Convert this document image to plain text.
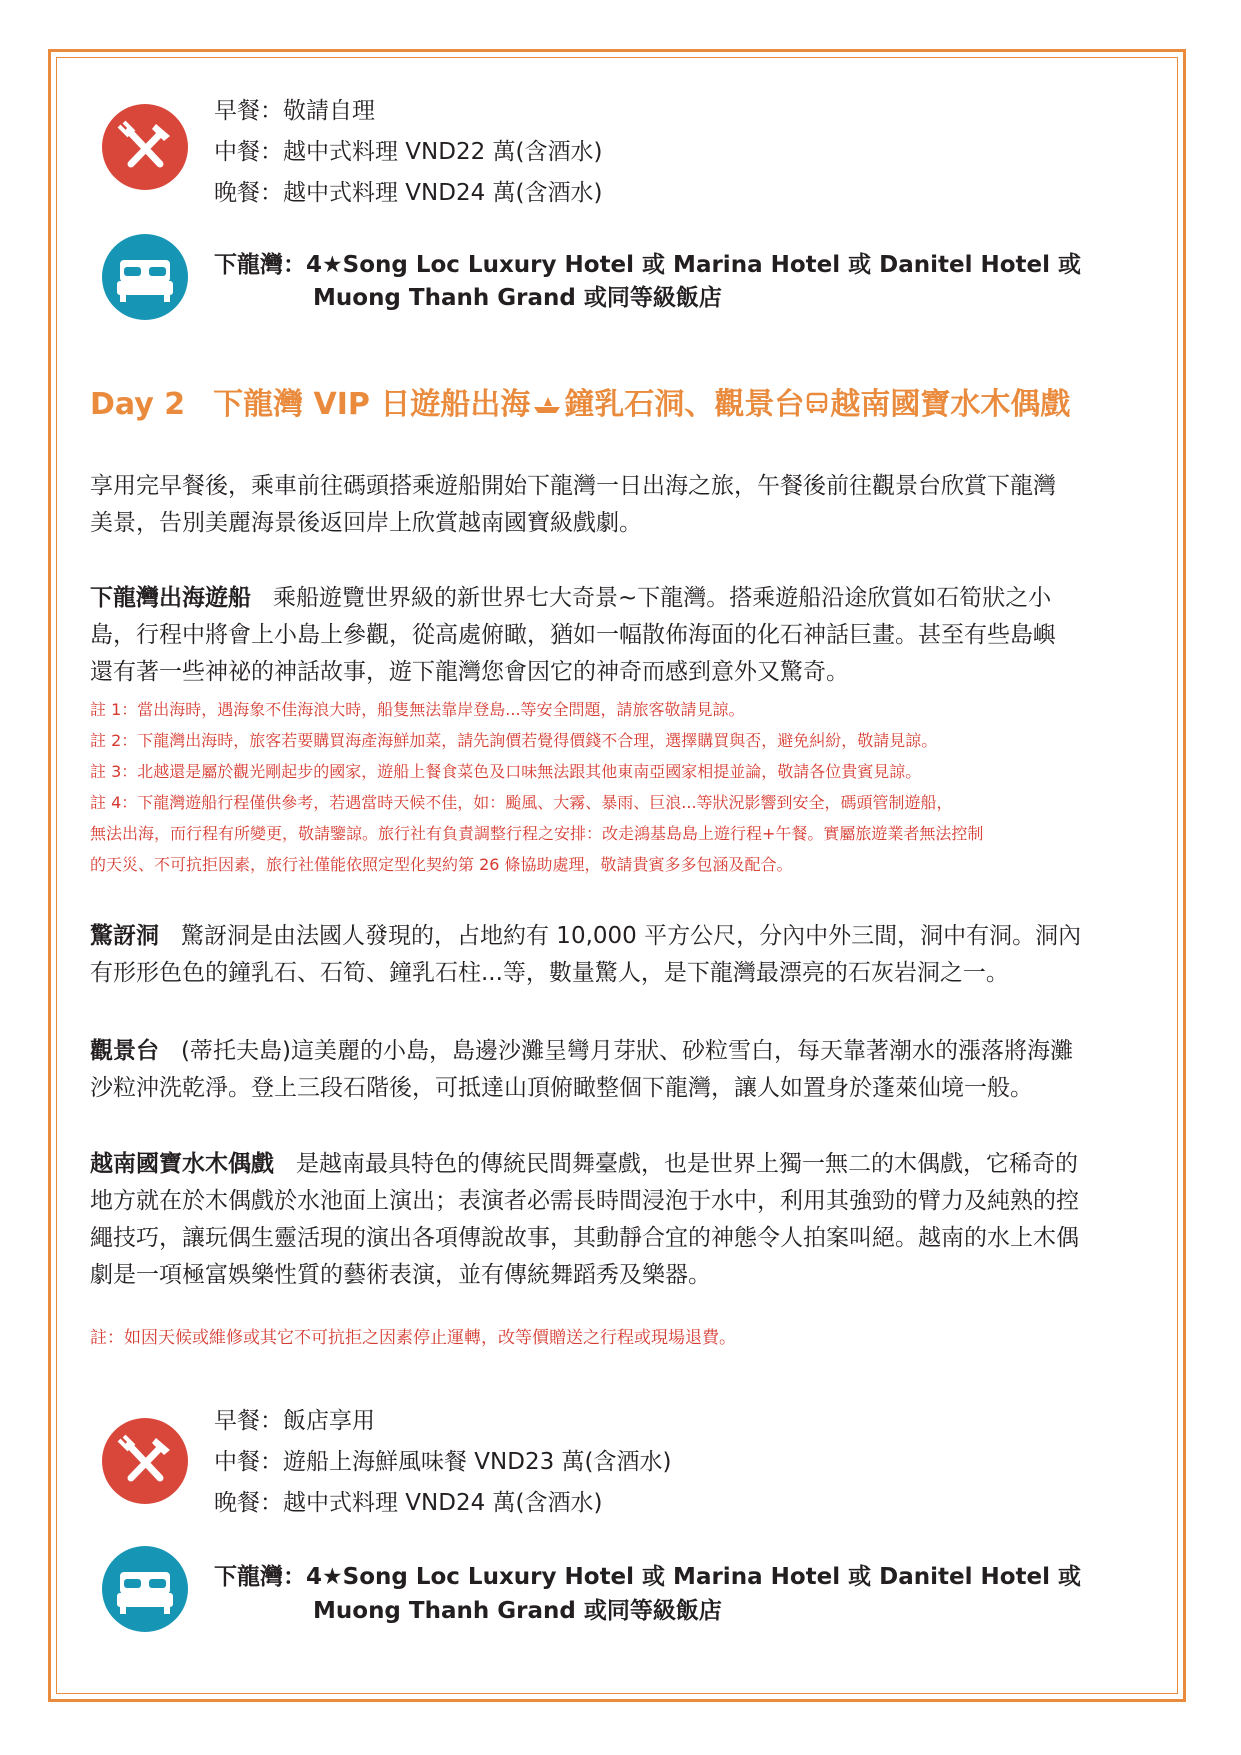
早餐：敬請自理
中餐：越中式料理 VND22 萬(含酒水)
晚餐：越中式料理 VND24 萬(含酒水)
下龍灣：4★Song Loc Luxury Hotel 或 Marina Hotel 或 Danitel Hotel 或
Muong Thanh Grand 或同等級飯店
Day 2 下龍灣 VIP 日遊船出海 鐘乳石洞、觀景台 越南國寶水木偶戲
享用完早餐後，乘車前往碼頭搭乘遊船開始下龍灣一日出海之旅，午餐後前往觀景台欣賞下龍灣
美景，告別美麗海景後返回岸上欣賞越南國寶級戲劇。
下龍灣出海遊船 乘船遊覽世界級的新世界七大奇景~下龍灣。搭乘遊船沿途欣賞如石筍狀之小
島，行程中將會上小島上參觀，從高處俯瞰，猶如一幅散佈海面的化石神話巨畫。甚至有些島嶼
還有著一些神祕的神話故事，遊下龍灣您會因它的神奇而感到意外又驚奇。
註 1：當出海時，遇海象不佳海浪大時，船隻無法靠岸登島...等安全問題，請旅客敬請見諒。
註 2：下龍灣出海時，旅客若要購買海產海鮮加菜，請先詢價若覺得價錢不合理，選擇購買與否，避免糾紛，敬請見諒。
註 3：北越還是屬於觀光剛起步的國家，遊船上餐食菜色及口味無法跟其他東南亞國家相提並論，敬請各位貴賓見諒。
註 4：下龍灣遊船行程僅供參考，若遇當時天候不佳，如：颱風、大霧、暴雨、巨浪...等狀況影響到安全，碼頭管制遊船，
無法出海，而行程有所變更，敬請鑒諒。旅行社有負責調整行程之安排：改走鴻基島島上遊行程+午餐。實屬旅遊業者無法控制
的天災、不可抗拒因素，旅行社僅能依照定型化契約第 26 條協助處理，敬請貴賓多多包涵及配合。
驚訝洞 驚訝洞是由法國人發現的，占地約有 10,000 平方公尺，分內中外三間，洞中有洞。洞內
有形形色色的鐘乳石、石筍、鐘乳石柱...等，數量驚人，是下龍灣最漂亮的石灰岩洞之一。
觀景台 (蒂托夫島)這美麗的小島，島邊沙灘呈彎月芽狀、砂粒雪白，每天靠著潮水的漲落將海灘
沙粒沖洗乾淨。登上三段石階後，可抵達山頂俯瞰整個下龍灣，讓人如置身於蓬萊仙境一般。
越南國寶水木偶戲 是越南最具特色的傳統民間舞臺戲，也是世界上獨一無二的木偶戲，它稀奇的
地方就在於木偶戲於水池面上演出；表演者必需長時間浸泡于水中，利用其強勁的臂力及純熟的控
繩技巧，讓玩偶生靈活現的演出各項傳說故事，其動靜合宜的神態令人拍案叫絕。越南的水上木偶
劇是一項極富娛樂性質的藝術表演，並有傳統舞蹈秀及樂器。
註：如因天候或維修或其它不可抗拒之因素停止運轉，改等價贈送之行程或現場退費。
早餐：飯店享用
中餐：遊船上海鮮風味餐 VND23 萬(含酒水)
晚餐：越中式料理 VND24 萬(含酒水)
下龍灣：4★Song Loc Luxury Hotel 或 Marina Hotel 或 Danitel Hotel 或
Muong Thanh Grand 或同等級飯店
